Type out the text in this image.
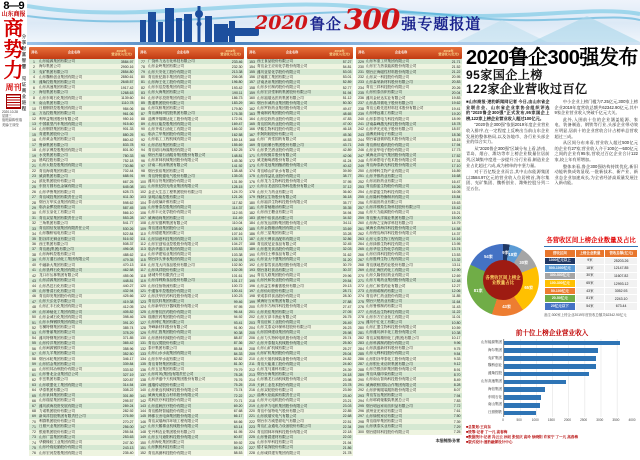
8—9
山东商报
商
势
力
周刊
2020.10.28
星期三
值班编辑/张瑞
美编/王晓莹
分享财富智慧　见证商业进程
2020 鲁企 300 强专题报道
排名	企业名称	2019年
营业收入(亿元)
1	山东能源集团有限公司	3584.97
2	海尔集团公司	2900.16
3	兖矿集团有限公司	2854.80
4	山东魏桥创业集团有限公司	2850.61
5	潍柴控股集团有限公司	2645.57
6	山东高速集团有限公司	1917.42
7	海信集团有限公司	1268.63
8	山东东明石化集团有限公司	1139.60
9	南山集团有限公司	1110.78
10 日照钢铁控股集团有限公司	984.06
11 万达控股集团有限公司	961.06
12 利华益集团股份有限公司	950.16
13 中国重型汽车集团有限公司	915.60
14 山东钢铁集团有限公司	901.33
15 青建集团股份公司	880.25
16 山东黄金集团有限公司	860.42
17 鲁商集团有限公司	833.78
18 山东京博控股集团有限公司	801.50
19 水发集团有限公司	780.33
20 晨鸣控股有限公司	752.18
21 山东太阳控股集团有限公司	730.86
22 青岛海湾集团有限公司	702.44
23 威高集团有限公司	688.91
24 滨化集团股份有限公司	667.25
25 东营方圆有色金属有限公司	645.08
26 山东华鲁集团有限公司	628.73
27 青岛城投集团有限责任公司	611.30
28 烟台万华实业集团有限公司	598.62
29 临沂金锣投资有限公司	587.45
30 山东玉皇化工有限公司	566.10
31 青岛双星集团有限责任公司	553.28
32 三角集团有限公司	541.77
33 青岛国信发展集团有限责任公司	530.26
34 山东魏桥铝电有限公司	522.84
35 阳谷祥光铜业有限公司	516.92
36 西王集团有限公司	508.37
37 青岛港(集团)有限公司	496.08
38 山东海科控股有限公司	488.62
39 山东万通石油化工集团有限公司	479.35
40 中融新大集团有限公司	470.13
41 山东垦利石化集团有限公司	462.58
42 龙口市丛林集团有限公司	455.06
43 山东清源集团有限公司	448.81
44 山东昌邑石化有限公司	440.27
45 山东鲁清石化有限公司	432.94
46 青岛即发集团股份有限公司	425.66
47 山东天弘化学有限公司	419.38
48 山东汇丰石化集团有限公司	412.05
49 山东神驰化工集团有限公司	405.82
50 山东金诚石化集团有限公司	398.46
51 山东永锋钢铁集团有限公司	391.20
52 石横特钢集团有限公司	385.74
53 山东鲁丽集团有限公司	378.29
54 潍坊特钢集团有限公司	371.85
55 山东传洋集团有限公司	365.42
56 山东闽源钢铁有限公司	358.96
57 山东九羊集团有限公司	352.50
58 烟台冰轮集团有限公司	346.17
59 山东招金集团有限公司	339.84
60 山东恒邦冶炼股份有限公司	333.52
61 山东鲁北企业集团总公司	327.19
62 东岳集团有限公司	320.87
63 山东联盟化工集团有限公司	314.54
64 华泰集团有限公司	308.22
65 山东泉林集团有限公司	301.89
66 山东瑞星集团有限公司	295.57
67 潍坊滨海投资发展有限公司	289.24
68 力诺集团股份有限公司	282.92
69 新凤祥控股集团有限责任公司	276.59
70 利群集团股份有限公司	270.27
71 日照兴业集团有限公司	256.00
72 银座集团股份有限公司	255.54
73 山东广富集团有限公司	253.63
74 华勤橡胶工业集团有限公司	247.30
75 山东玲珑轮胎股份有限公司	243.13
76 山东宏河控股集团有限公司	235.40
排名	企业名称	2019年
营业收入(亿元)
77 广饶科力达石化科技有限公司	233.46
78 山东金岭集团有限公司	232.30
79 山东天安化工股份有限公司	213.38
80 青岛世纪瑞丰集团有限公司	206.08
81 山东海王化工股份有限公司	196.80
82 山东东辰控股集团有限公司	193.42
83 山东大海集团有限公司	190.11
84 山东华乐投资集团有限公司	186.73
85 胜通集团股份有限公司	183.29
86 山东岚桥集团有限公司	179.80
87 青岛澳柯玛控股集团有限公司	176.35
88 淄博齐翔腾达化工股份有限公司	172.91
89 山东巨能控股集团有限公司	169.47
90 山东齐成石油化工有限公司	166.02
91 临沂兰华集团股份有限公司	162.58
92 山东临工工程机械有限公司	159.14
93 山东浩信集团有限公司	155.69
94 青岛明月海藻集团有限公司	152.25
95 烟台杰瑞石油服务集团股份有限公司	148.81
96 山东常林机械集团股份有限公司	145.36
97 济南二机床集团有限公司	141.92
98 烟台张裕集团有限公司	138.48
99 青岛特锐德电气股份有限公司	135.03
100 潍坊百货集团股份有限公司	131.59
101 山东世纪阳光纸业集团有限公司	128.15
102 金正大生态工程集团股份有限公司	124.70
103 皇明洁能控股有限公司	121.26
104 泰山玻璃纤维有限公司	117.82
105 山东鲁泰控股集团有限公司	114.37
106 山东丰元化学股份有限公司	112.93
107 威海迪尚集团有限公司	111.49
108 山东安德利集团有限公司	110.04
109 青岛建设集团股份公司	108.60
110 山东德建集团有限公司	107.16
111 山东如意科技集团有限公司	105.71
112 山东宏创铝业控股股份有限公司	104.27
113 临沂华盛江泉集团有限公司	103.83
114 山东华建铝业集团有限公司	103.38
115 烟台持久钟表集团有限公司	102.94
116 山东龙大肉食品股份有限公司	102.50
117 山东凤祥股份有限公司	102.05
118 诸城外贸有限责任公司	101.61
119 山东得利斯食品股份有限公司	101.17
120 山东佳怡物流有限公司	100.72
121 中通客车控股股份有限公司	100.41
122 山东沃华医药科技股份有限公司	100.23
123 青岛饮料集团有限公司	99.46
124 山东新华医疗器械股份有限公司	97.95
125 山东鲁抗医药股份有限公司	96.44
126 瑞康医药集团股份有限公司	94.92
127 山东博汇集团有限公司	93.41
128 齐峰新材料股份有限公司	91.90
129 山东汇胜集团股份有限公司	90.38
130 山东晨钟机械股份有限公司	88.87
131 青岛汉缆股份有限公司	87.36
132 泰开集团有限公司	85.84
133 山东山水水泥集团有限公司	84.33
134 山东东华水泥有限公司	82.82
135 青岛青特集团有限公司	81.30
136 山东五征集团有限公司	79.79
137 山东时风(集团)有限责任公司	78.28
138 山东华盛中天机械集团股份有限公司	76.76
139 盛瑞传动股份有限公司	75.25
140 山东豪迈机械科技股份有限公司	73.74
141 威海光威复合材料股份有限公司	72.22
142 英科医疗科技股份有限公司	70.71
143 山东蓝帆医疗股份有限公司	69.20
144 青岛酷特智能股份有限公司	67.68
145 韩都衣舍电商集团股份有限公司	66.17
146 青岛双瑞海洋环境工程有限公司	64.66
147 山东天鹅棉业机械股份有限公司	63.14
148 史丹利农业集团股份有限公司	61.95
149 山东玉马遮阳科技股份有限公司	60.87
150 山东海化集团有限公司	59.92
151 山东默锐科技有限公司	59.10
152 青岛高测科技股份有限公司	58.53
排名	企业名称	2019年
营业收入(亿元)
153 西王食品股份有限公司	57.27
154 青岛金王应用化学股份有限公司	54.81
155 潍坊亚星化学股份有限公司	53.03
156 济南重工集团有限公司	53.01
157 济南圣泉集团股份有限公司	52.89
158 山东步长制药股份有限公司	52.77
159 山东宏济堂制药集团股份有限公司	51.94
160 山东福瑞达医药集团有限公司	51.12
161 烟台东诚药业集团股份有限公司	50.30
162 山东罗欣药业集团股份有限公司	49.47
163 鲁南制药集团股份有限公司	48.65
164 山东辰欣药业股份有限公司	47.83
165 青岛国风药业股份有限公司	47.00
166 华熙生物科技股份有限公司	46.18
167 东阿阿胶股份有限公司	45.36
168 山东广育堂国药有限公司	44.53
169 青岛琅琊台集团股份有限公司	43.71
170 山东景芝酒业股份有限公司	42.89
171 山东扳倒井股份有限公司	42.06
172 威龙葡萄酒股份有限公司	41.24
173 山东花冠集团酿酒股份有限公司	40.42
174 青岛崂山矿泉水有限公司	39.59
175 山东得益乳业股份有限公司	38.77
176 山东龙力生物科技股份有限公司	37.95
177 山东百龙创园生物科技股份有限公司	37.12
178 山东天力药业有限公司	36.60
179 保龄宝生物股份有限公司	36.18
180 山东福洋生物科技股份有限公司	35.77
181 山东香驰粮油有限公司	35.35
182 山东西王糖业有限公司	34.94
183 滨州中裕食品有限公司	34.52
184 山东发达面粉集团股份有限公司	34.11
185 山东金胜粮油集团有限公司	33.69
186 山东三星集团有限公司	33.28
187 山东天博食品配料有限公司	32.86
188 青岛波尼亚食品有限公司	32.45
189 山东惠发食品股份有限公司	32.03
190 山东佳士博食品有限公司	31.62
191 山东亚太中慧集团有限公司	31.20
192 山东春雪食品集团股份有限公司	30.79
193 烟台喜旺食品有限公司	30.37
194 青岛九联集团股份有限公司	29.96
195 山东民和牧业股份有限公司	29.54
196 山东益生种畜禽股份有限公司	29.13
197 山东仙坛股份有限公司	28.71
198 荣成泰祥食品股份有限公司	28.30
199 威海好当家集团有限公司	27.88
200 山东东方海洋科技股份有限公司	27.47
201 山东美佳集团有限公司	27.05
202 山东万泽丰渔业有限公司	26.75
203 青岛征和工业股份有限公司	26.49
204 山东艾泰克环保科技股份有限公司	26.23
205 山东国舜建设集团有限公司	25.98
206 山东力久特种电机股份有限公司	25.74
207 山东开泰抛丸机械股份有限公司	25.50
208 山东山矿机械有限公司	25.27
209 山东矿机集团股份有限公司	25.04
210 山东天晟机械装备股份有限公司	24.82
211 青岛天能重工股份有限公司	24.60
212 山东龙马重科有限公司	24.39
213 烟台台海集团有限公司	24.18
214 山东墨龙石油机械股份有限公司	23.98
215 天润工业技术股份有限公司	23.78
216 山东双轮股份有限公司	23.59
217 淄博火炬能源有限责任公司	23.40
218 山东开元电机股份有限公司	23.21
219 山东华力电机集团股份有限公司	23.03
220 青岛中加特电气股份有限公司	22.85
221 山东欧瑞安电气有限公司	22.68
222 烟台东方威思顿电气有限公司	22.51
223 青岛汇金通电力设备股份有限公司	22.34
224 青岛国林环保科技股份有限公司	22.18
225 山东鲁碧建材有限公司	22.02
226 山东东华科技有限公司	21.94
227 德才装饰股份有限公司	21.86
228 山东诚祥建安集团有限公司	21.78
排名	企业名称	2019年
营业收入(亿元)
229 山东军需工贸集团有限公司	21.71
230 山东宏力热泵能源股份有限公司	21.52
231 烟台正海磁性材料股份有限公司	21.22
232 山东双一科技股份有限公司	20.95
233 山东森荣新材料股份有限公司	20.83
234 青岛三祥科技股份有限公司	20.26
235 山东恒泰纺织有限公司	20.04
236 潍坊金丝达实业有限公司	19.83
237 山东晶导微电子股份有限公司	19.62
238 青岛云路先进材料技术股份有限公司	19.41
239 山东博远重工有限公司	19.20
240 山东泰景电力科技有限公司	18.99
241 济南森峰激光科技股份有限公司	18.78
242 山东华光光电子股份有限公司	18.57
243 淄博美林电子有限公司	18.36
244 烟台睿创微纳技术股份有限公司	18.15
245 青岛鼎信通讯股份有限公司	17.94
246 山东亚华电子股份有限公司	17.73
247 威海北洋电气集团股份有限公司	17.52
248 山东神思电子技术股份有限公司	17.31
249 青岛海泰新光科技股份有限公司	17.10
250 山东博科生物产业有限公司	16.89
251 山东齐都药业有限公司	16.68
252 山东裕欣药业有限公司	16.47
253 青岛蔚蓝生物股份有限公司	16.26
254 山东碧蓝生物科技有限公司	16.05
255 山东隆科特酶制剂有限公司	15.84
256 山东福田药业有限公司	15.63
257 山东祥维斯生物科技股份有限公司	15.42
258 山东天力能源股份有限公司	15.21
259 青岛聚大洋藻业集团有限公司	15.00
260 山东海之宝海洋科技有限公司	14.79
261 威海长青海洋科技股份有限公司	14.58
262 山东俚岛海洋科技股份有限公司	14.37
263 山东元泰生物工程有限公司	14.16
264 山东绿都生物科技有限公司	13.95
265 山东华辰生物化学有限公司	13.74
266 山东信得科技股份有限公司	13.53
267 山东胜利生物工程有限公司	13.32
268 青岛康地恩药业股份有限公司	13.11
269 山东汇海医药化工有限公司	12.90
270 山东久隆恒信药业有限公司	12.69
271 山东方明药业集团股份有限公司	12.48
272 山东仁和堂药业有限公司	12.27
273 山东朗诺制药有限公司	12.06
274 青岛华仁药业股份有限公司	11.85
275 烟台只楚药业有限公司	11.64
276 山东鲁维制药有限公司	11.43
277 山东泓达生物科技有限公司	11.22
278 山东东方宏业化工有限公司	11.01
279 潍坊中汇化工有限公司	10.80
280 山东汇盟生物科技股份有限公司	10.59
281 山东潍坊润丰化工股份有限公司	10.38
282 青岛双桃精细化工(集团)有限公司	10.17
283 山东科源制药股份有限公司	9.96
284 山东凯盛新材料股份有限公司	9.75
285 山东元利科技股份有限公司	9.54
286 山东阳谷华泰化工股份有限公司	9.33
287 山东银仕来纺织集团有限公司	9.12
288 山东岱银纺织集团股份有限公司	8.91
289 青岛凤凰印染有限公司	8.70
290 山东南山智尚科技股份有限公司	8.49
291 威海联桥国际合作集团有限公司	8.28
292 山东舒朗服装服饰股份有限公司	8.07
293 青岛雪达集团有限公司	7.94
294 山东耶莉娅服装集团总公司	7.83
295 烟台明远家用纺织品有限公司	7.72
296 滨州亚光家纺有限公司	7.61
297 山东愉悦家纺有限公司	7.50
298 青岛瑞华集团有限公司	7.39
299 山东康泰实业有限公司	7.29
300 烟台德邦科技股份有限公司	7.25
本报制图/孙雪
2020鲁企300强发布
95家国企上榜
122家企业营收过百亿

■山东商报·速豹新闻网记者 今日,由山东省企业联合会、山东省企业家协会组织评选的“2020鲁企300强”正式发布,95家国企上榜,122家上榜企业营业收入超过100亿元。

“2020鲁企300强”依据2019年度企业营业收入排序,在一定程度上反映出当前山东企业发展的整体格局,以及各地市、各行业头部企业的综合实力。

从“2020鲁企300强”区域分布上看,济南、青岛、烟台、潍坊等市上榜企业数量位居前列,区域集中度进一步提升;分行业看,制造业企业占比超过六成,成为榜单的中坚力量。

对于百亿级企业而言,其中山东能源集团以3584.97亿元的营业收入位居榜首,海尔集团、兖矿集团、魏桥创业、潍柴控股分列二至五位。

中小企业上榜门槛为7.25亿元,300家上榜企业2019年度营收总额共62342.90亿元,其中9家企业营业收入突破千亿元大关。

此外,入围前十位的企业涵盖能源、家电、装备制造、钢铁等行业,头部企业带动效应明显,居前十的企业营收合计占榜单总营收超过三成。

从区间分布来看,营业收入超过500亿元的企业有27家;营业收入介于100亿—500亿元之间的企业有95家,营收过百亿企业合计122家,较上年有所增加。

整体来看,鲁企300强结构持续优化,新旧动能转换成效显现,一批新技术、新产业、新业态企业加速成长,为全省经济高质量发展注入新动能。

9家 18家
30家
65家
43家
81家
54家
各营收区间上榜企业数量占比
各营收区间上榜企业数量及占比
营收区间	上榜企业数量	营收总额(亿元)
1000亿元以上	9家	25203.26
500-1000亿元	18家	12147.85
300-500亿元	30家	11607.82
100-300亿元	65家	12993.12
50-100亿元	43家	3052.93
20-50亿元	81家	2243.10
20亿元以下	54家	673.44
备注:300家上榜企业2019年度营收总额共62342.90亿元
前十位上榜企业营业收入
山东能源集团
海尔集团
兖矿集团
魏桥创业
潍柴控股
山东高速集团
海信集团
东明石化
南山集团
日照钢铁
0	500	1000	1500	2000	2500	3000	3500	4000
■总策划:王向东
■统筹:记者 丁一凡 高春梅
■数据统计:记者 冯云云 孙姮 张恒庆 高玲 徐晓阳 许家宁 丁一凡 高春梅
■版式设计:速豹融媒设计中心
